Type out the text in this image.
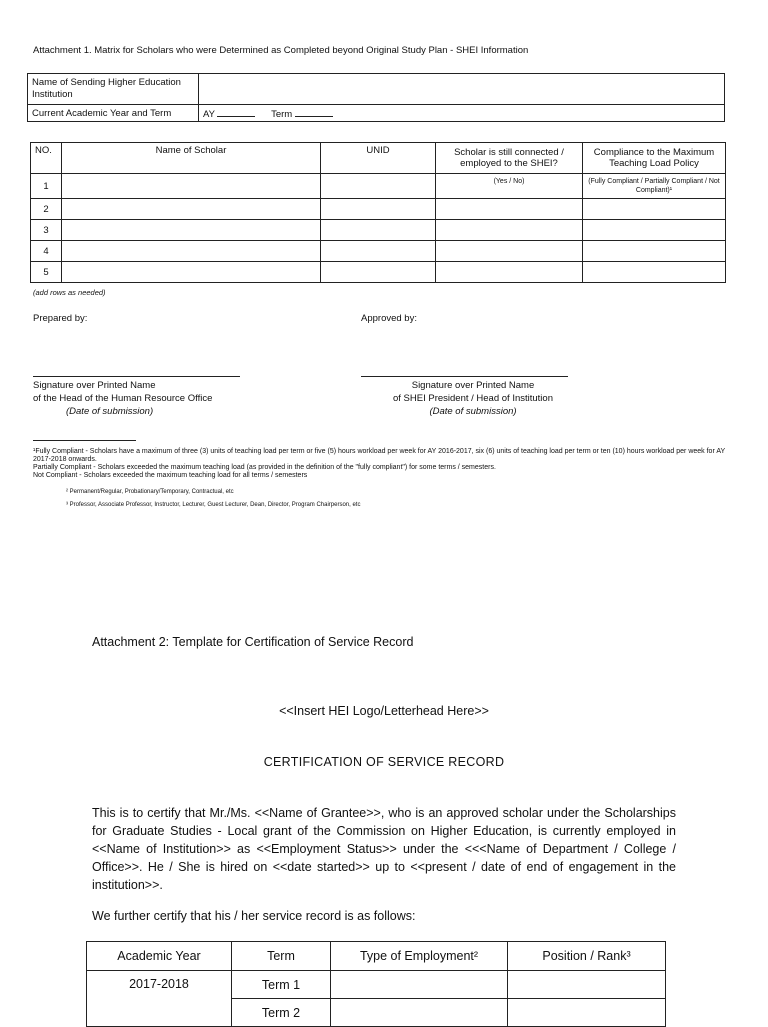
Attachment 1. Matrix for Scholars who were Determined as Completed beyond Original Study Plan - SHEI Information
Name of Sending Higher Education Institution	
Current Academic Year and Term	AY Term
NO.	Name of Scholar	UNID	Scholar is still connected / employed to the SHEI?	Compliance to the Maximum Teaching Load Policy
1			(Yes / No)	(Fully Compliant / Partially Compliant / Not Compliant)¹
2				
3				
4				
5				
(add rows as needed)
Prepared by:	Approved by:
Signature over Printed Name
of the Head of the Human Resource Office
(Date of submission)
Signature over Printed Name
of SHEI President / Head of Institution
(Date of submission)
¹Fully Compliant - Scholars have a maximum of three (3) units of teaching load per term or five (5) hours workload per week for AY 2016-2017, six (6) units of teaching load per term or ten (10) hours workload per week for AY 2017-2018 onwards.
Partially Compliant - Scholars exceeded the maximum teaching load (as provided in the definition of the "fully compliant") for some terms / semesters.
Not Compliant - Scholars exceeded the maximum teaching load for all terms / semesters
² Permanent/Regular, Probationary/Temporary, Contractual, etc
³ Professor, Associate Professor, Instructor, Lecturer, Guest Lecturer, Dean, Director, Program Chairperson, etc
Attachment 2: Template for Certification of Service Record
<<Insert HEI Logo/Letterhead Here>>
CERTIFICATION OF SERVICE RECORD
This is to certify that Mr./Ms. <<Name of Grantee>>, who is an approved scholar under the Scholarships for Graduate Studies - Local grant of the Commission on Higher Education, is currently employed in <<Name of Institution>> as <<Employment Status>> under the <<<Name of Department / College / Office>>. He / She is hired on <<date started>> up to <<present / date of end of engagement in the institution>>.
We further certify that his / her service record is as follows:
Academic Year	Term	Type of Employment²	Position / Rank³
2017-2018	Term 1		
	Term 2		
